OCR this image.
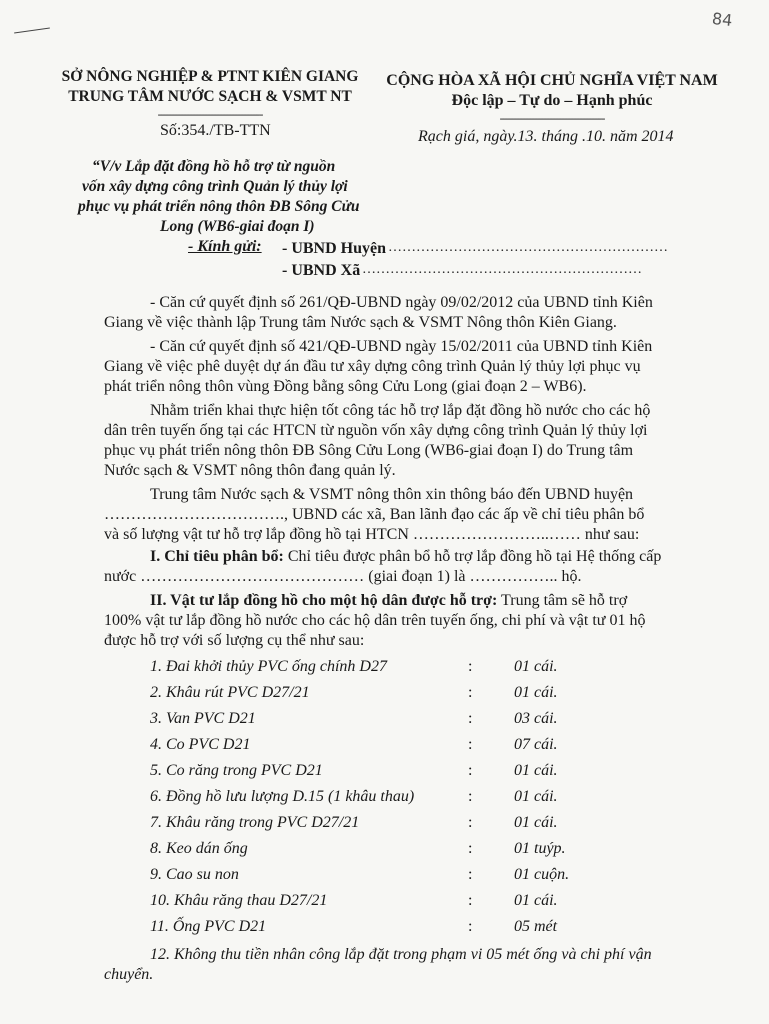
84
SỞ NÔNG NGHIỆP & PTNT KIÊN GIANG
TRUNG TÂM NƯỚC SẠCH & VSMT NT
-----------------------------------
Số:354./TB-TTN
CỘNG HÒA XÃ HỘI CHỦ NGHĨA VIỆT NAM
Độc lập – Tự do – Hạnh phúc
-----------------------------------
Rạch giá, ngày.13. tháng .10. năm 2014
“V/v Lắp đặt đồng hồ hỗ trợ từ nguồn
vốn xây dựng công trình Quản lý thủy lợi
phục vụ phát triển nông thôn ĐB Sông Cửu
Long (WB6-giai đoạn I)
- Kính gửi: - UBND Huyện ……………………………………………………
- UBND Xã ……………………………………………………
- Căn cứ quyết định số 261/QĐ-UBND ngày 09/02/2012 của UBND tỉnh Kiên
Giang về việc thành lập Trung tâm Nước sạch & VSMT Nông thôn Kiên Giang.
- Căn cứ quyết định số 421/QĐ-UBND ngày 15/02/2011 của UBND tỉnh Kiên
Giang về việc phê duyệt dự án đầu tư xây dựng công trình Quản lý thủy lợi phục vụ
phát triển nông thôn vùng Đồng bằng sông Cửu Long (giai đoạn 2 – WB6).
Nhằm triển khai thực hiện tốt công tác hỗ trợ lắp đặt đồng hồ nước cho các hộ
dân trên tuyến ống tại các HTCN từ nguồn vốn xây dựng công trình Quản lý thủy lợi
phục vụ phát triển nông thôn ĐB Sông Cửu Long (WB6-giai đoạn I) do Trung tâm
Nước sạch & VSMT nông thôn đang quản lý.
Trung tâm Nước sạch & VSMT nông thôn xin thông báo đến UBND huyện
……………………………., UBND các xã, Ban lãnh đạo các ấp về chỉ tiêu phân bổ
và số lượng vật tư hỗ trợ lắp đồng hồ tại HTCN ……………………..…… như sau:
I. Chỉ tiêu phân bổ: Chỉ tiêu được phân bổ hỗ trợ lắp đồng hồ tại Hệ thống cấp
nước …………………………………… (giai đoạn 1) là …………….. hộ.
II. Vật tư lắp đồng hồ cho một hộ dân được hỗ trợ: Trung tâm sẽ hỗ trợ
100% vật tư lắp đồng hồ nước cho các hộ dân trên tuyến ống, chi phí và vật tư 01 hộ
được hỗ trợ với số lượng cụ thể như sau:
1. Đai khởi thủy PVC ống chính D27	:	01 cái.
2. Khâu rút PVC D27/21	:	01 cái.
3. Van PVC D21	:	03 cái.
4. Co PVC D21	:	07 cái.
5. Co răng trong PVC D21	:	01 cái.
6. Đồng hồ lưu lượng D.15 (1 khâu thau)	:	01 cái.
7. Khâu răng trong PVC D27/21	:	01 cái.
8. Keo dán ống	:	01 tuýp.
9. Cao su non	:	01 cuộn.
10. Khâu răng thau D27/21	:	01 cái.
11. Ống PVC D21	:	05 mét
12. Không thu tiền nhân công lắp đặt trong phạm vi 05 mét ống và chi phí vận
chuyển.
